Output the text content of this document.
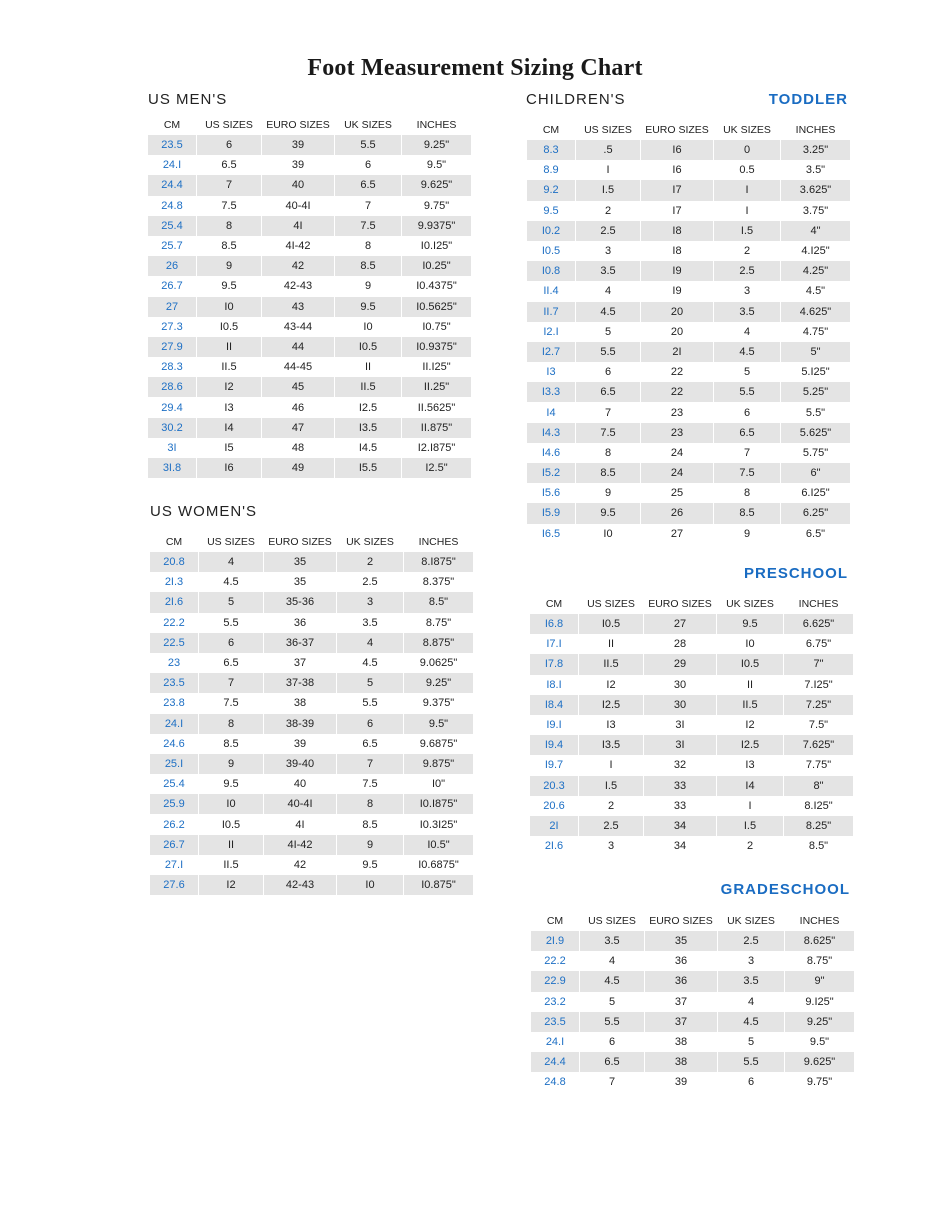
Foot Measurement Sizing Chart
US MEN'S
CM		US SIZES		EURO SIZES		UK SIZES		INCHES
23.5		6		39		5.5		9.25"
24.I		6.5		39		6		9.5"
24.4		7		40		6.5		9.625"
24.8		7.5		40-4I		7		9.75"
25.4		8		4I		7.5		9.9375"
25.7		8.5		4I-42		8		I0.I25"
26		9		42		8.5		I0.25"
26.7		9.5		42-43		9		I0.4375"
27		I0		43		9.5		I0.5625"
27.3		I0.5		43-44		I0		I0.75"
27.9		II		44		I0.5		I0.9375"
28.3		II.5		44-45		II		II.I25"
28.6		I2		45		II.5		II.25"
29.4		I3		46		I2.5		II.5625"
30.2		I4		47		I3.5		II.875"
3I		I5		48		I4.5		I2.I875"
3I.8		I6		49		I5.5		I2.5"
US WOMEN'S
CM		US SIZES		EURO SIZES		UK SIZES		INCHES
20.8		4		35		2		8.I875"
2I.3		4.5		35		2.5		8.375"
2I.6		5		35-36		3		8.5"
22.2		5.5		36		3.5		8.75"
22.5		6		36-37		4		8.875"
23		6.5		37		4.5		9.0625"
23.5		7		37-38		5		9.25"
23.8		7.5		38		5.5		9.375"
24.I		8		38-39		6		9.5"
24.6		8.5		39		6.5		9.6875"
25.I		9		39-40		7		9.875"
25.4		9.5		40		7.5		I0"
25.9		I0		40-4I		8		I0.I875"
26.2		I0.5		4I		8.5		I0.3I25"
26.7		II		4I-42		9		I0.5"
27.I		II.5		42		9.5		I0.6875"
27.6		I2		42-43		I0		I0.875"
CHILDREN'S	TODDLER
CM		US SIZES		EURO SIZES		UK SIZES		INCHES
8.3		.5		I6		0		3.25"
8.9		I		I6		0.5		3.5"
9.2		I.5		I7		I		3.625"
9.5		2		I7		I		3.75"
I0.2		2.5		I8		I.5		4"
I0.5		3		I8		2		4.I25"
I0.8		3.5		I9		2.5		4.25"
II.4		4		I9		3		4.5"
II.7		4.5		20		3.5		4.625"
I2.I		5		20		4		4.75"
I2.7		5.5		2I		4.5		5"
I3		6		22		5		5.I25"
I3.3		6.5		22		5.5		5.25"
I4		7		23		6		5.5"
I4.3		7.5		23		6.5		5.625"
I4.6		8		24		7		5.75"
I5.2		8.5		24		7.5		6"
I5.6		9		25		8		6.I25"
I5.9		9.5		26		8.5		6.25"
I6.5		I0		27		9		6.5"
PRESCHOOL
CM		US SIZES		EURO SIZES		UK SIZES		INCHES
I6.8		I0.5		27		9.5		6.625"
I7.I		II		28		I0		6.75"
I7.8		II.5		29		I0.5		7"
I8.I		I2		30		II		7.I25"
I8.4		I2.5		30		II.5		7.25"
I9.I		I3		3I		I2		7.5"
I9.4		I3.5		3I		I2.5		7.625"
I9.7		I		32		I3		7.75"
20.3		I.5		33		I4		8"
20.6		2		33		I		8.I25"
2I		2.5		34		I.5		8.25"
2I.6		3		34		2		8.5"
GRADESCHOOL
CM		US SIZES		EURO SIZES		UK SIZES		INCHES
2I.9		3.5		35		2.5		8.625"
22.2		4		36		3		8.75"
22.9		4.5		36		3.5		9"
23.2		5		37		4		9.I25"
23.5		5.5		37		4.5		9.25"
24.I		6		38		5		9.5"
24.4		6.5		38		5.5		9.625"
24.8		7		39		6		9.75"
